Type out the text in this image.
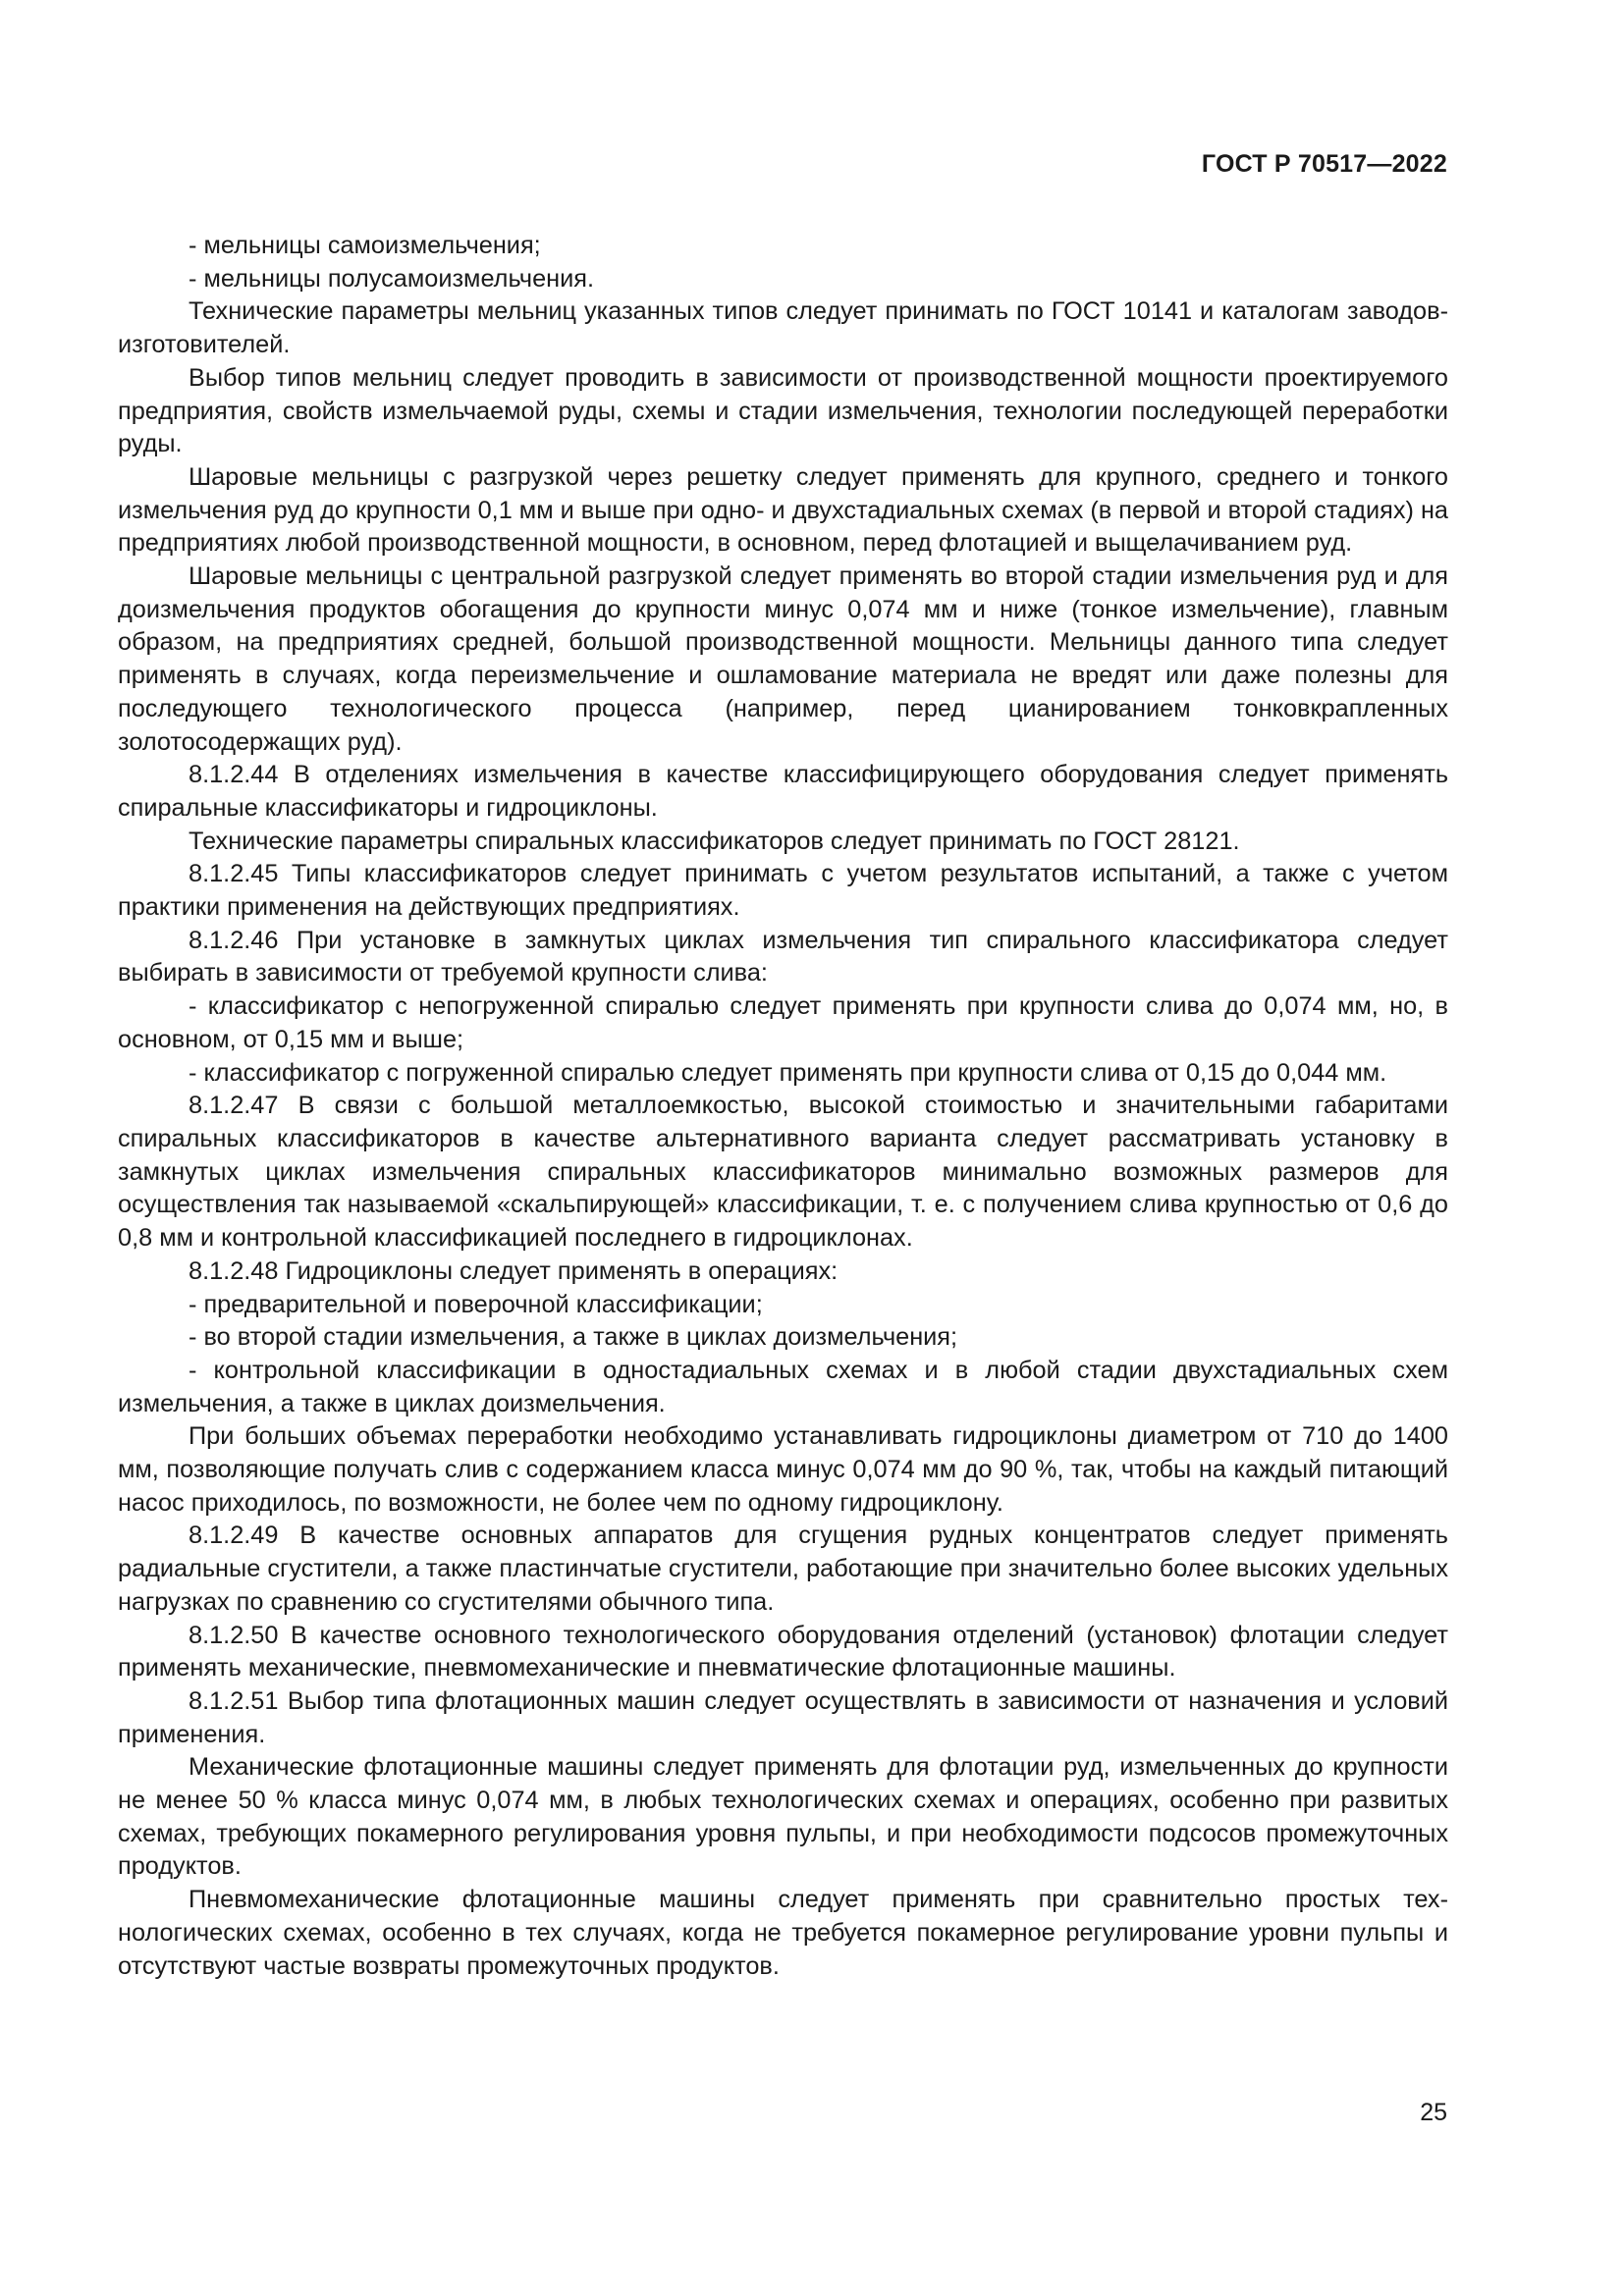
ГОСТ Р 70517—2022

- мельницы самоизмельчения;

- мельницы полусамоизмельчения.

Технические параметры мельниц указанных типов следует принимать по ГОСТ 10141 и каталогам заводов-изготовителей.

Выбор типов мельниц следует проводить в зависимости от производственной мощности проектируемого предприятия, свойств измельчаемой руды, схемы и стадии измельчения, технологии последующей переработки руды.

Шаровые мельницы с разгрузкой через решетку следует применять для крупного, среднего и тонкого измельчения руд до крупности 0,1 мм и выше при одно- и двухстадиальных схемах (в первой и второй стадиях) на предприятиях любой производственной мощности, в основном, перед флотацией и выщелачиванием руд.

Шаровые мельницы с центральной разгрузкой следует применять во второй стадии измельчения руд и для доизмельчения продуктов обогащения до крупности минус 0,074 мм и ниже (тонкое измельчение), главным образом, на предприятиях средней, большой производственной мощности. Мельницы данного типа следует применять в случаях, когда переизмельчение и ошламование материала не вредят или даже полезны для последующего технологического процесса (например, перед цианированием тонковкрапленных золотосодержащих руд).

8.1.2.44 В отделениях измельчения в качестве классифицирующего оборудования следует применять спиральные классификаторы и гидроциклоны.

Технические параметры спиральных классификаторов следует принимать по ГОСТ 28121.

8.1.2.45 Типы классификаторов следует принимать с учетом результатов испытаний, а также с учетом практики применения на действующих предприятиях.

8.1.2.46 При установке в замкнутых циклах измельчения тип спирального классификатора следует выбирать в зависимости от требуемой крупности слива:

- классификатор с непогруженной спиралью следует применять при крупности слива до 0,074 мм, но, в основном, от 0,15 мм и выше;

- классификатор с погруженной спиралью следует применять при крупности слива от 0,15 до 0,044 мм.

8.1.2.47 В связи с большой металлоемкостью, высокой стоимостью и значительными габаритами спиральных классификаторов в качестве альтернативного варианта следует рассматривать установку в замкнутых циклах измельчения спиральных классификаторов минимально возможных размеров для осуществления так называемой «скальпирующей» классификации, т. е. с получением слива крупностью от 0,6 до 0,8 мм и контрольной классификацией последнего в гидроциклонах.

8.1.2.48 Гидроциклоны следует применять в операциях:

- предварительной и поверочной классификации;

- во второй стадии измельчения, а также в циклах доизмельчения;

- контрольной классификации в одностадиальных схемах и в любой стадии двухстадиальных схем измельчения, а также в циклах доизмельчения.

При больших объемах переработки необходимо устанавливать гидроциклоны диаметром от 710 до 1400 мм, позволяющие получать слив с содержанием класса минус 0,074 мм до 90 %, так, чтобы на каждый питающий насос приходилось, по возможности, не более чем по одному гидроциклону.

8.1.2.49 В качестве основных аппаратов для сгущения рудных концентратов следует применять радиальные сгустители, а также пластинчатые сгустители, работающие при значительно более высоких удельных нагрузках по сравнению со сгустителями обычного типа.

8.1.2.50 В качестве основного технологического оборудования отделений (установок) флотации следует применять механические, пневмомеханические и пневматические флотационные машины.

8.1.2.51 Выбор типа флотационных машин следует осуществлять в зависимости от назначения и условий применения.

Механические флотационные машины следует применять для флотации руд, измельченных до крупности не менее 50 % класса минус 0,074 мм, в любых технологических схемах и операциях, особенно при развитых схемах, требующих покамерного регулирования уровня пульпы, и при необходимости подсосов промежуточных продуктов.

Пневмомеханические флотационные машины следует применять при сравнительно простых технологических схемах, особенно в тех случаях, когда не требуется покамерное регулирование уровни пульпы и отсутствуют частые возвраты промежуточных продуктов.

25
